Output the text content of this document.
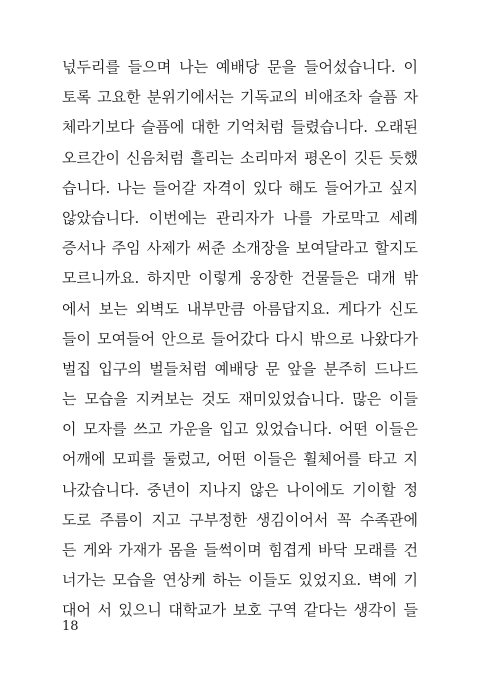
넋두리를 들으며 나는 예배당 문을 들어섰습니다. 이
토록 고요한 분위기에서는 기독교의 비애조차 슬픔 자
체라기보다 슬픔에 대한 기억처럼 들렸습니다. 오래된
오르간이 신음처럼 흘리는 소리마저 평온이 깃든 듯했
습니다. 나는 들어갈 자격이 있다 해도 들어가고 싶지
않았습니다. 이번에는 관리자가 나를 가로막고 세례
증서나 주임 사제가 써준 소개장을 보여달라고 할지도
모르니까요. 하지만 이렇게 웅장한 건물들은 대개 밖
에서 보는 외벽도 내부만큼 아름답지요. 게다가 신도
들이 모여들어 안으로 들어갔다 다시 밖으로 나왔다가
벌집 입구의 벌들처럼 예배당 문 앞을 분주히 드나드
는 모습을 지켜보는 것도 재미있었습니다. 많은 이들
이 모자를 쓰고 가운을 입고 있었습니다. 어떤 이들은
어깨에 모피를 둘렀고, 어떤 이들은 휠체어를 타고 지
나갔습니다. 중년이 지나지 않은 나이에도 기이할 정
도로 주름이 지고 구부정한 생김이어서 꼭 수족관에
든 게와 가재가 몸을 들썩이며 힘겹게 바닥 모래를 건
너가는 모습을 연상케 하는 이들도 있었지요. 벽에 기
대어 서 있으니 대학교가 보호 구역 같다는 생각이 들
18
